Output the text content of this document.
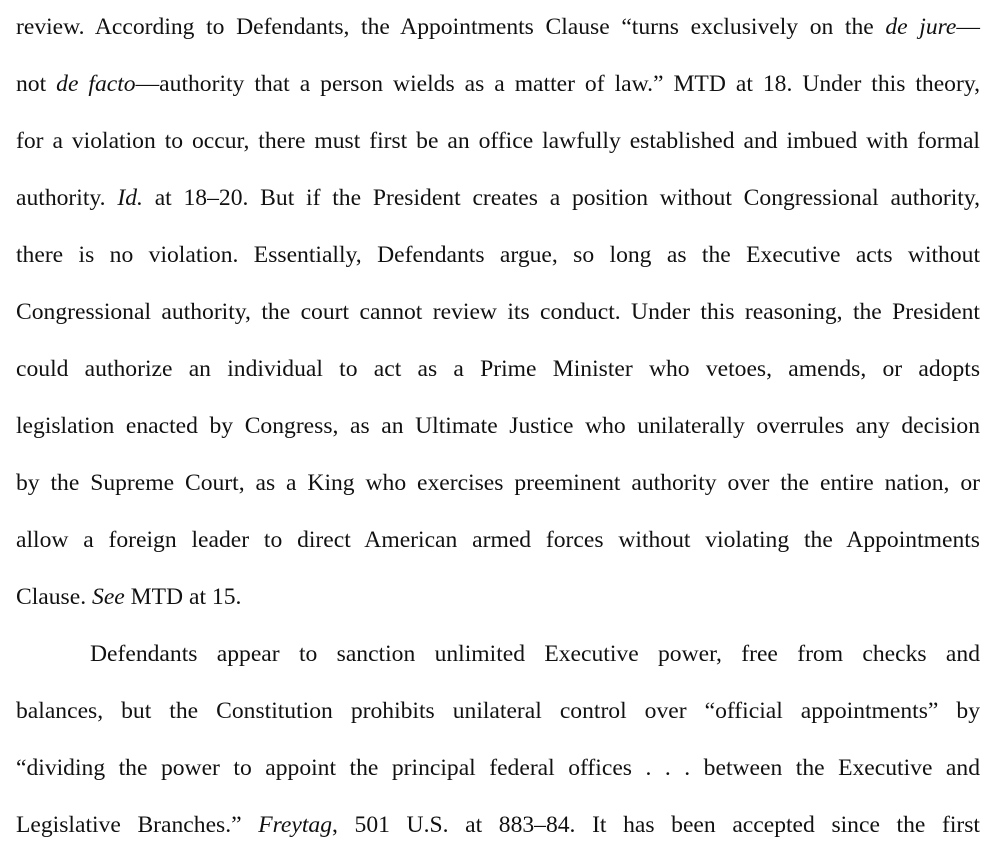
review. According to Defendants, the Appointments Clause “turns exclusively on the de jure—
not de facto—authority that a person wields as a matter of law.” MTD at 18. Under this theory,
for a violation to occur, there must first be an office lawfully established and imbued with formal
authority. Id. at 18–20. But if the President creates a position without Congressional authority,
there is no violation. Essentially, Defendants argue, so long as the Executive acts without
Congressional authority, the court cannot review its conduct. Under this reasoning, the President
could authorize an individual to act as a Prime Minister who vetoes, amends, or adopts
legislation enacted by Congress, as an Ultimate Justice who unilaterally overrules any decision
by the Supreme Court, as a King who exercises preeminent authority over the entire nation, or
allow a foreign leader to direct American armed forces without violating the Appointments
Clause. See MTD at 15.
Defendants appear to sanction unlimited Executive power, free from checks and
balances, but the Constitution prohibits unilateral control over “official appointments” by
“dividing the power to appoint the principal federal offices . . . between the Executive and
Legislative Branches.” Freytag, 501 U.S. at 883–84. It has been accepted since the first
